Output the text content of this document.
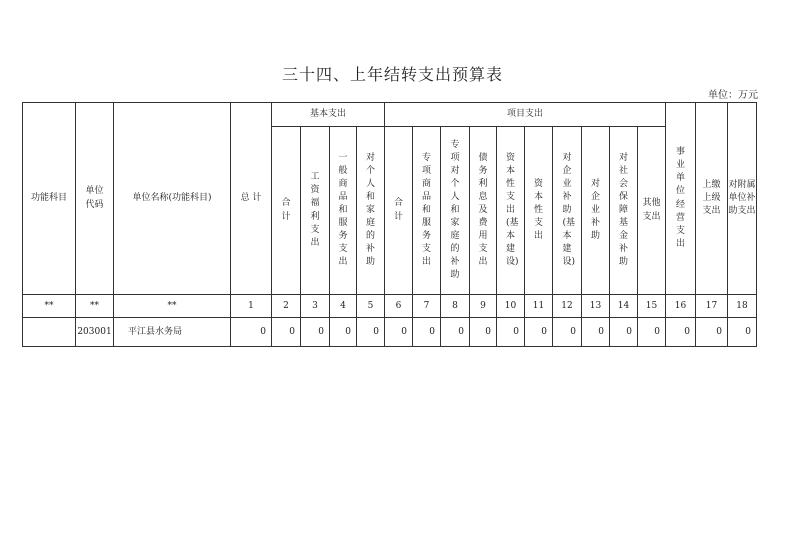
三十四、上年结转支出预算表
单位：万元
功能科目	单位代码	单位名称(功能科目)	总 计	基本支出				项目支出										事业单位经营支出	上缴上级支出	对附属单位补助支出
				合计	工资福利支出	一般商品和服务支出	对个人和家庭的补助	合计	专项商品和服务支出	专项对个人和家庭的补助	债务利息及费用支出	资本性支出(基本建设)	资本性支出	对企业补助(基本建设)	对企业补助	对社会保障基金补助	其他支出			
**	**	**	1	2	3	4	5	6	7	8	9	10	11	12	13	14	15	16	17	18
	203001	平江县水务局	0	0	0	0	0	0	0	0	0	0	0	0	0	0	0	0	0	0
